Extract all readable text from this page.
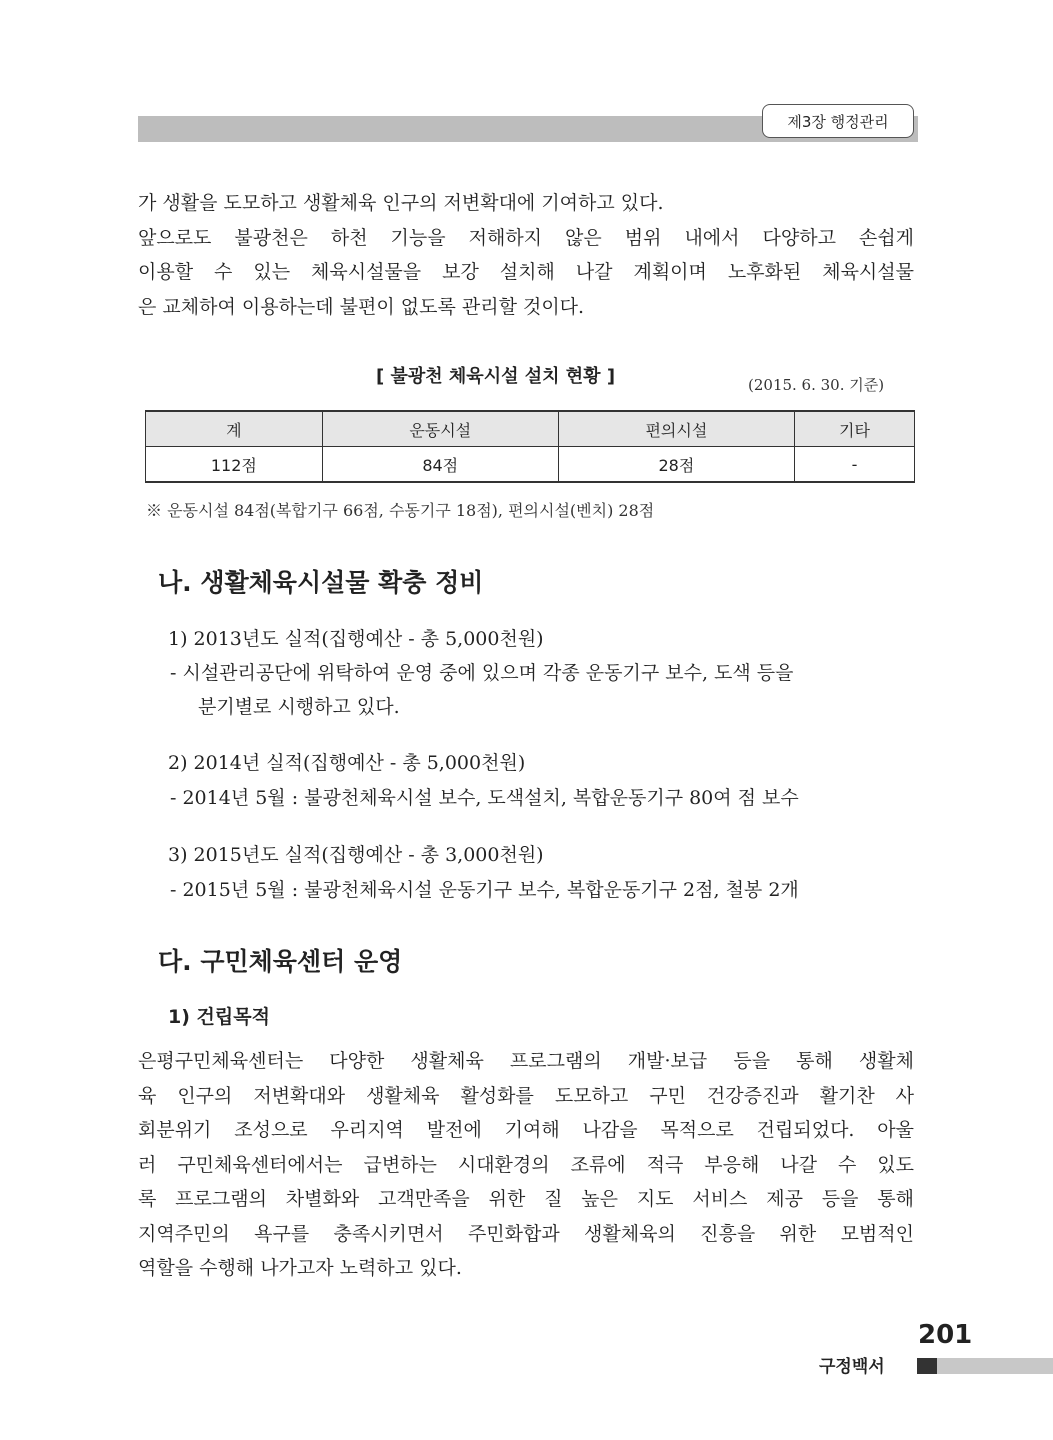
제3장 행정관리
가 생활을 도모하고 생활체육 인구의 저변확대에 기여하고 있다.
앞으로도 불광천은 하천 기능을 저해하지 않은 범위 내에서 다양하고 손쉽게
이용할 수 있는 체육시설물을 보강 설치해 나갈 계획이며 노후화된 체육시설물
은 교체하여 이용하는데 불편이 없도록 관리할 것이다.
[ 불광천 체육시설 설치 현황 ]	(2015. 6. 30. 기준)
계	운동시설	편의시설	기타
112점	84점	28점	-
※ 운동시설 84점(복합기구 66점, 수동기구 18점), 편의시설(벤치) 28점
나. 생활체육시설물 확충 정비
1) 2013년도 실적(집행예산 - 총 5,000천원)
- 시설관리공단에 위탁하여 운영 중에 있으며 각종 운동기구 보수, 도색 등을
분기별로 시행하고 있다.
2) 2014년 실적(집행예산 - 총 5,000천원)
- 2014년 5월 : 불광천체육시설 보수, 도색설치, 복합운동기구 80여 점 보수
3) 2015년도 실적(집행예산 - 총 3,000천원)
- 2015년 5월 : 불광천체육시설 운동기구 보수, 복합운동기구 2점, 철봉 2개
다. 구민체육센터 운영
1) 건립목적
은평구민체육센터는 다양한 생활체육 프로그램의 개발·보급 등을 통해 생활체
육 인구의 저변확대와 생활체육 활성화를 도모하고 구민 건강증진과 활기찬 사
회분위기 조성으로 우리지역 발전에 기여해 나감을 목적으로 건립되었다. 아울
러 구민체육센터에서는 급변하는 시대환경의 조류에 적극 부응해 나갈 수 있도
록 프로그램의 차별화와 고객만족을 위한 질 높은 지도 서비스 제공 등을 통해
지역주민의 욕구를 충족시키면서 주민화합과 생활체육의 진흥을 위한 모범적인
역할을 수행해 나가고자 노력하고 있다.
201
구정백서
